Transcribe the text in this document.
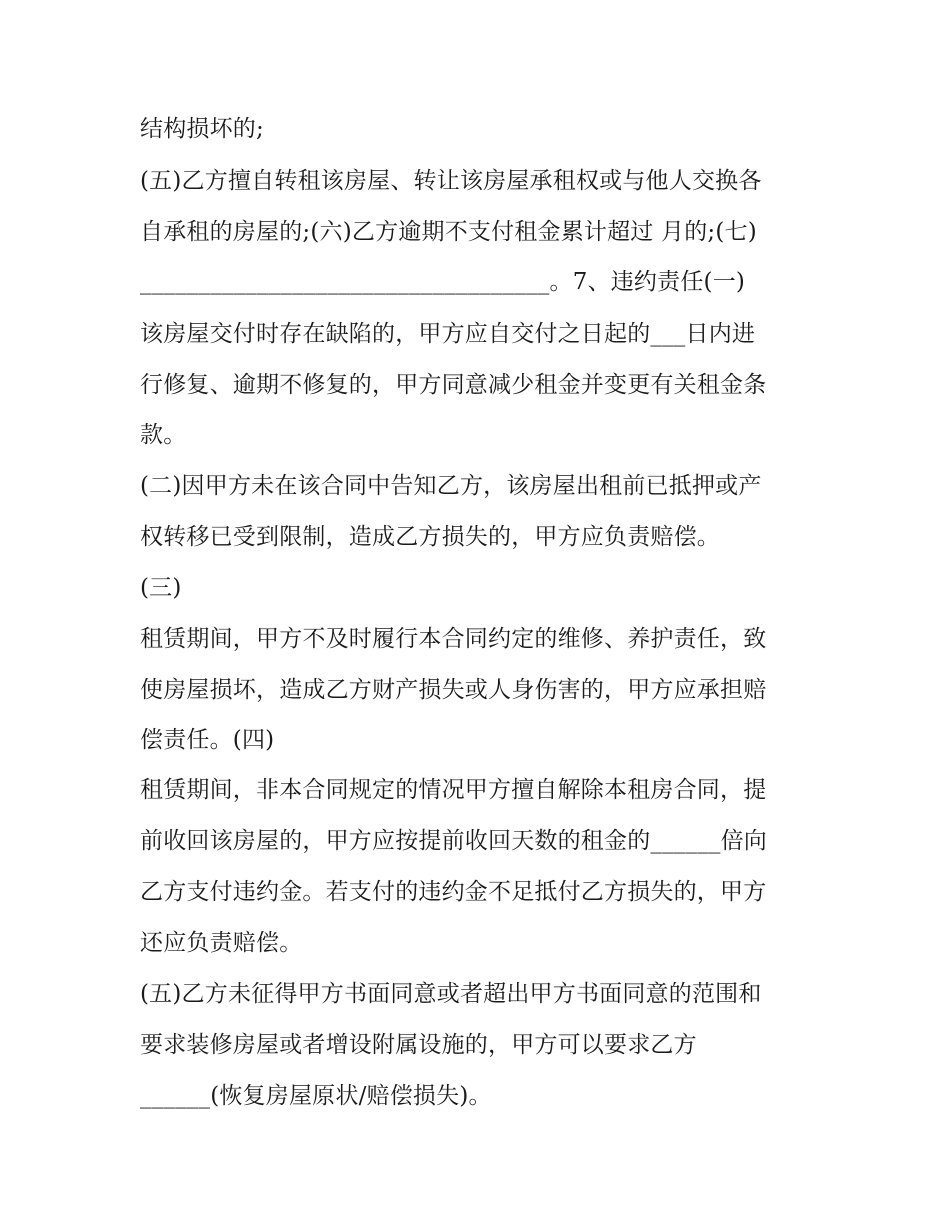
结构损坏的;
(五)乙方擅自转租该房屋、转让该房屋承租权或与他人交换各
自承租的房屋的;(六)乙方逾期不支付租金累计超过 月的;(七)
___________________________________。7、违约责任(一)
该房屋交付时存在缺陷的，甲方应自交付之日起的___日内进
行修复、逾期不修复的，甲方同意减少租金并变更有关租金条
款。
(二)因甲方未在该合同中告知乙方，该房屋出租前已抵押或产
权转移已受到限制，造成乙方损失的，甲方应负责赔偿。
(三)
租赁期间，甲方不及时履行本合同约定的维修、养护责任，致
使房屋损坏，造成乙方财产损失或人身伤害的，甲方应承担赔
偿责任。(四)
租赁期间，非本合同规定的情况甲方擅自解除本租房合同，提
前收回该房屋的，甲方应按提前收回天数的租金的______倍向
乙方支付违约金。若支付的违约金不足抵付乙方损失的，甲方
还应负责赔偿。
(五)乙方未征得甲方书面同意或者超出甲方书面同意的范围和
要求装修房屋或者增设附属设施的，甲方可以要求乙方
______(恢复房屋原状/赔偿损失)。
